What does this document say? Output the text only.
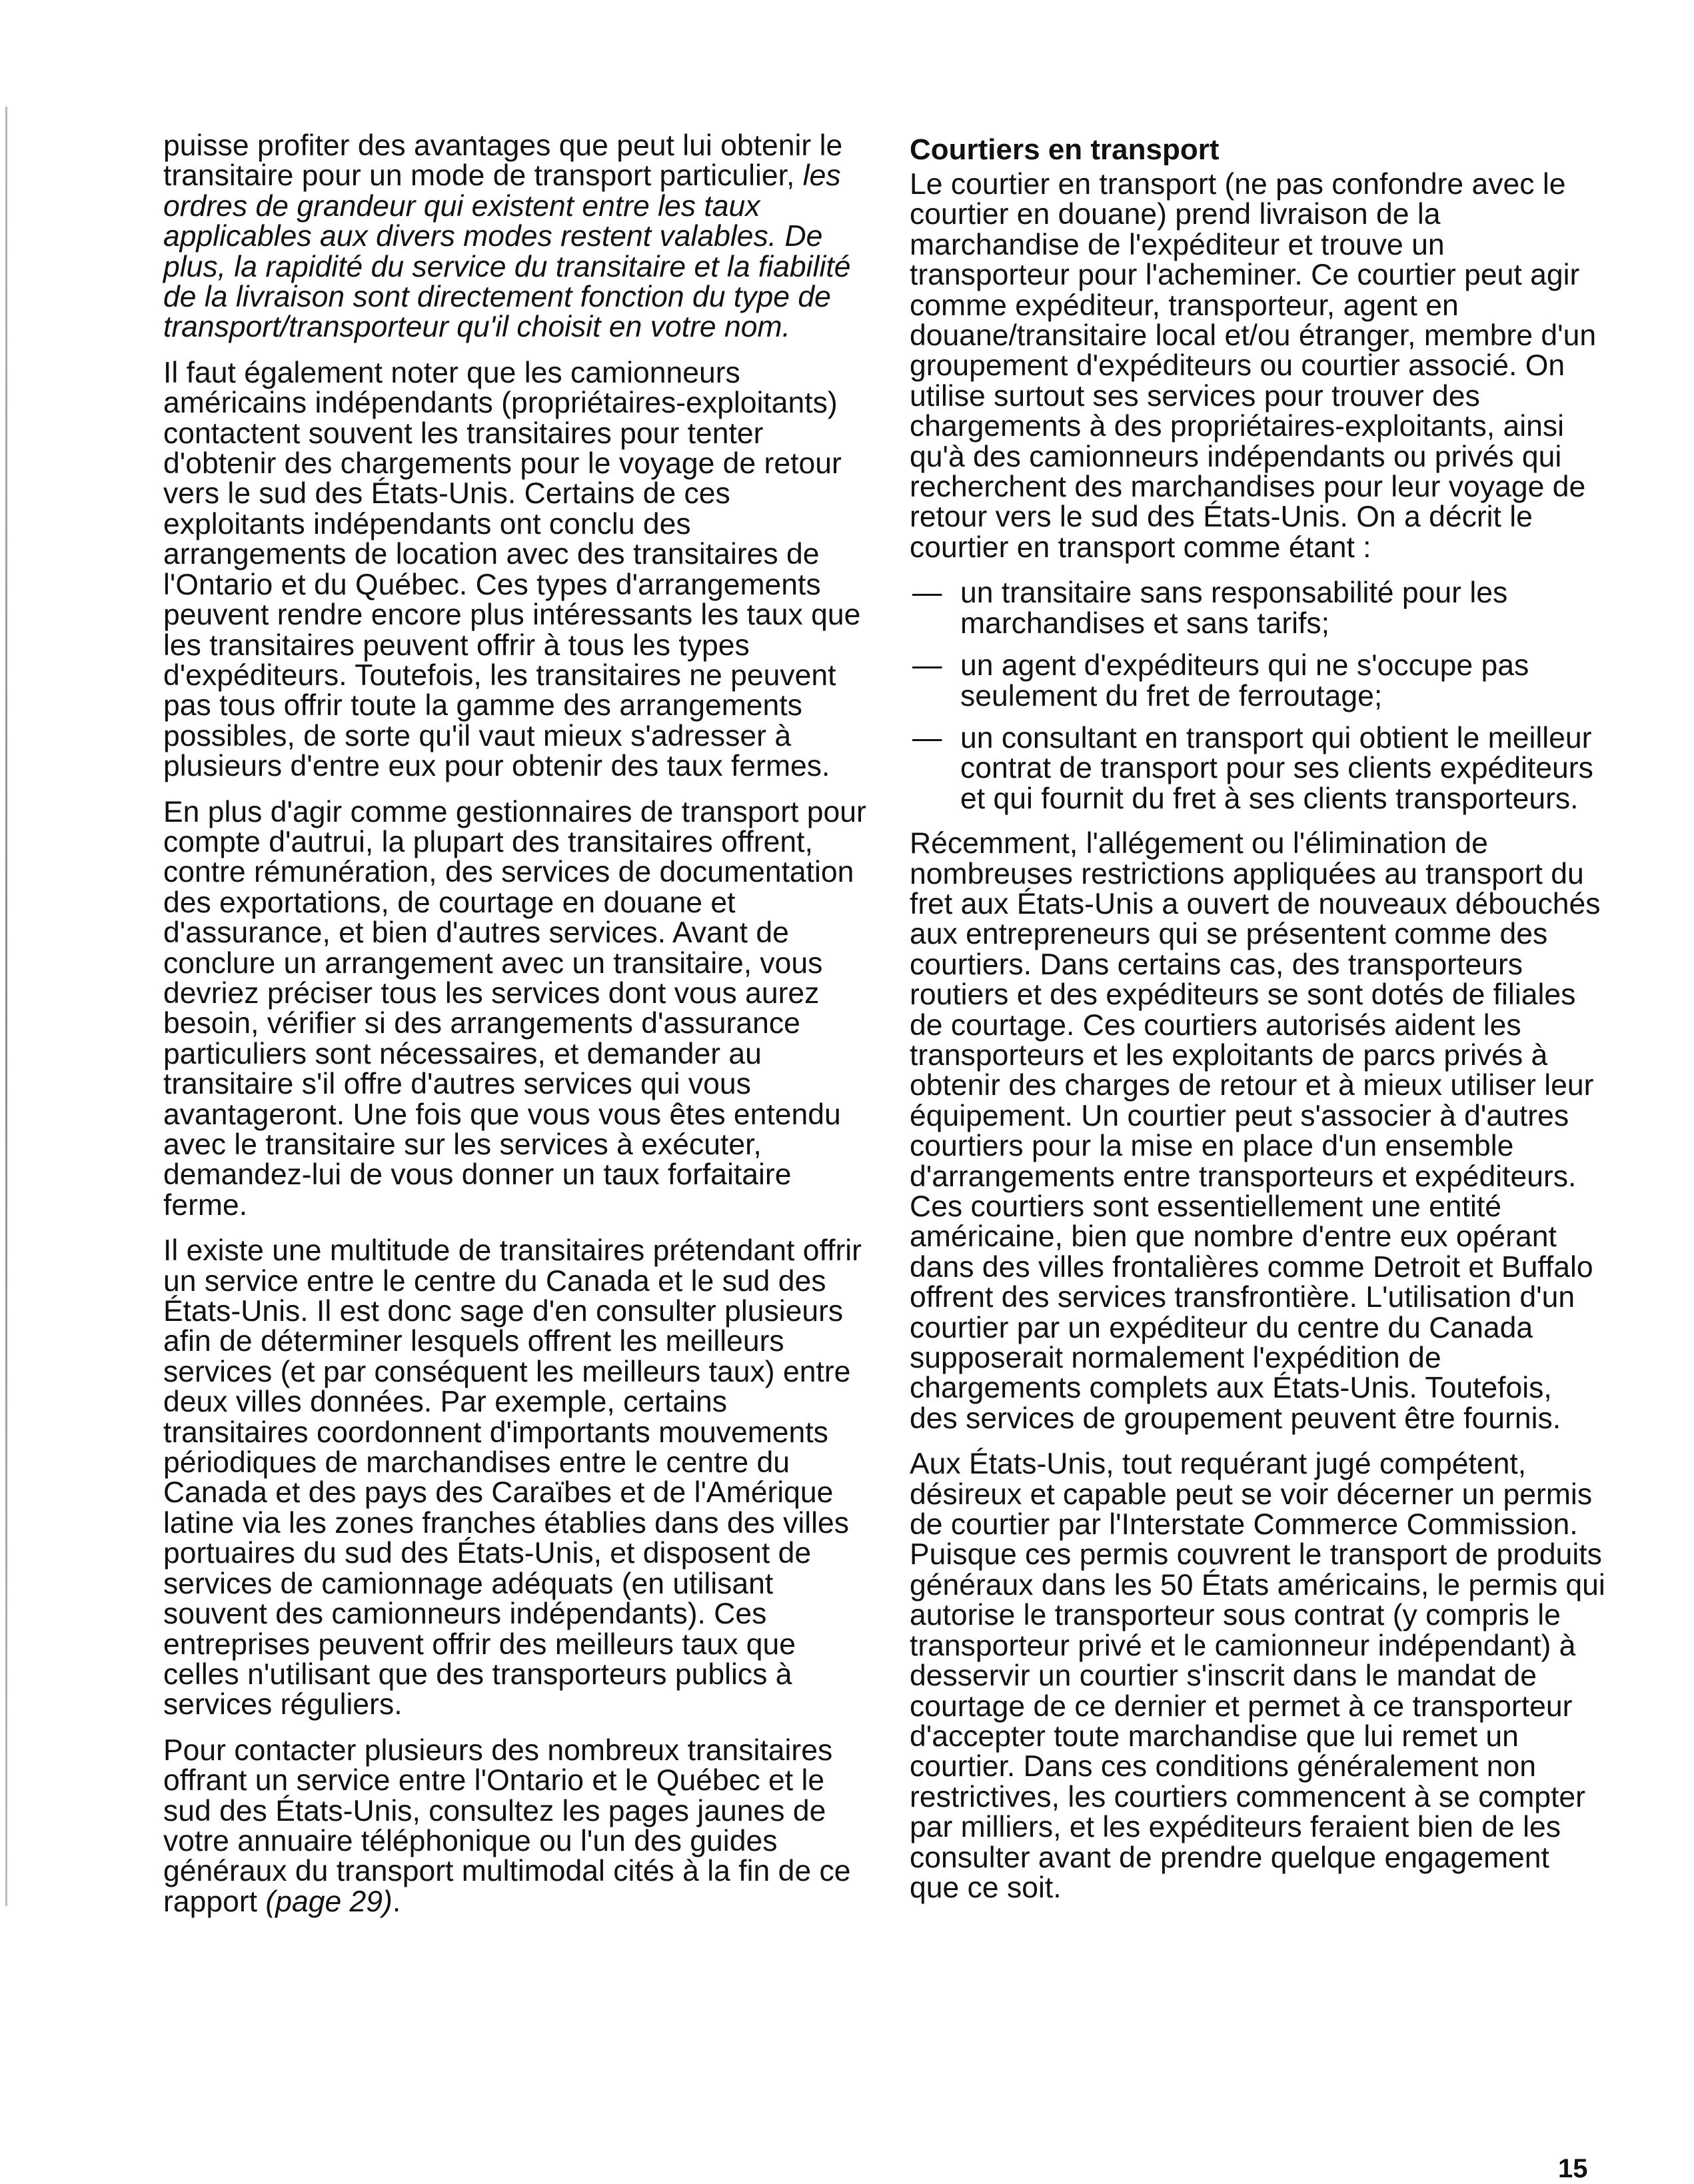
puisse profiter des avantages que peut lui obtenir le transitaire pour un mode de transport particulier, les ordres de grandeur qui existent entre les taux applicables aux divers modes restent valables. De plus, la rapidité du service du transitaire et la fiabilité de la livraison sont directement fonction du type de transport/transporteur qu'il choisit en votre nom.

Il faut également noter que les camionneurs américains indépendants (propriétaires-exploitants) contactent souvent les transitaires pour tenter d'obtenir des chargements pour le voyage de retour vers le sud des États-Unis. Certains de ces exploitants indépendants ont conclu des arrangements de location avec des transitaires de l'Ontario et du Québec. Ces types d'arrangements peuvent rendre encore plus intéressants les taux que les transitaires peuvent offrir à tous les types d'expéditeurs. Toutefois, les transitaires ne peuvent pas tous offrir toute la gamme des arrangements possibles, de sorte qu'il vaut mieux s'adresser à plusieurs d'entre eux pour obtenir des taux fermes.

En plus d'agir comme gestionnaires de transport pour compte d'autrui, la plupart des transitaires offrent, contre rémunération, des services de documentation des exportations, de courtage en douane et d'assurance, et bien d'autres services. Avant de conclure un arrangement avec un transitaire, vous devriez préciser tous les services dont vous aurez besoin, vérifier si des arrangements d'assurance particuliers sont nécessaires, et demander au transitaire s'il offre d'autres services qui vous avantageront. Une fois que vous vous êtes entendu avec le transitaire sur les services à exécuter, demandez-lui de vous donner un taux forfaitaire ferme.

Il existe une multitude de transitaires prétendant offrir un service entre le centre du Canada et le sud des États-Unis. Il est donc sage d'en consulter plusieurs afin de déterminer lesquels offrent les meilleurs services (et par conséquent les meilleurs taux) entre deux villes données. Par exemple, certains transitaires coordonnent d'importants mouvements périodiques de marchandises entre le centre du Canada et des pays des Caraïbes et de l'Amérique latine via les zones franches établies dans des villes portuaires du sud des États-Unis, et disposent de services de camionnage adéquats (en utilisant souvent des camionneurs indépendants). Ces entreprises peuvent offrir des meilleurs taux que celles n'utilisant que des transporteurs publics à services réguliers.

Pour contacter plusieurs des nombreux transitaires offrant un service entre l'Ontario et le Québec et le sud des États-Unis, consultez les pages jaunes de votre annuaire téléphonique ou l'un des guides généraux du transport multimodal cités à la fin de ce rapport (page 29).

Courtiers en transport

Le courtier en transport (ne pas confondre avec le courtier en douane) prend livraison de la marchandise de l'expéditeur et trouve un transporteur pour l'acheminer. Ce courtier peut agir comme expéditeur, transporteur, agent en douane/transitaire local et/ou étranger, membre d'un groupement d'expéditeurs ou courtier associé. On utilise surtout ses services pour trouver des chargements à des propriétaires-exploitants, ainsi qu'à des camionneurs indépendants ou privés qui recherchent des marchandises pour leur voyage de retour vers le sud des États-Unis. On a décrit le courtier en transport comme étant :

— un transitaire sans responsabilité pour les marchandises et sans tarifs;
— un agent d'expéditeurs qui ne s'occupe pas seulement du fret de ferroutage;
— un consultant en transport qui obtient le meilleur contrat de transport pour ses clients expéditeurs et qui fournit du fret à ses clients transporteurs.

Récemment, l'allégement ou l'élimination de nombreuses restrictions appliquées au transport du fret aux États-Unis a ouvert de nouveaux débouchés aux entrepreneurs qui se présentent comme des courtiers. Dans certains cas, des transporteurs routiers et des expéditeurs se sont dotés de filiales de courtage. Ces courtiers autorisés aident les transporteurs et les exploitants de parcs privés à obtenir des charges de retour et à mieux utiliser leur équipement. Un courtier peut s'associer à d'autres courtiers pour la mise en place d'un ensemble d'arrangements entre transporteurs et expéditeurs. Ces courtiers sont essentiellement une entité américaine, bien que nombre d'entre eux opérant dans des villes frontalières comme Detroit et Buffalo offrent des services transfrontière. L'utilisation d'un courtier par un expéditeur du centre du Canada supposerait normalement l'expédition de chargements complets aux États-Unis. Toutefois, des services de groupement peuvent être fournis.

Aux États-Unis, tout requérant jugé compétent, désireux et capable peut se voir décerner un permis de courtier par l'Interstate Commerce Commission. Puisque ces permis couvrent le transport de produits généraux dans les 50 États américains, le permis qui autorise le transporteur sous contrat (y compris le transporteur privé et le camionneur indépendant) à desservir un courtier s'inscrit dans le mandat de courtage de ce dernier et permet à ce transporteur d'accepter toute marchandise que lui remet un courtier. Dans ces conditions généralement non restrictives, les courtiers commencent à se compter par milliers, et les expéditeurs feraient bien de les consulter avant de prendre quelque engagement que ce soit.

15
